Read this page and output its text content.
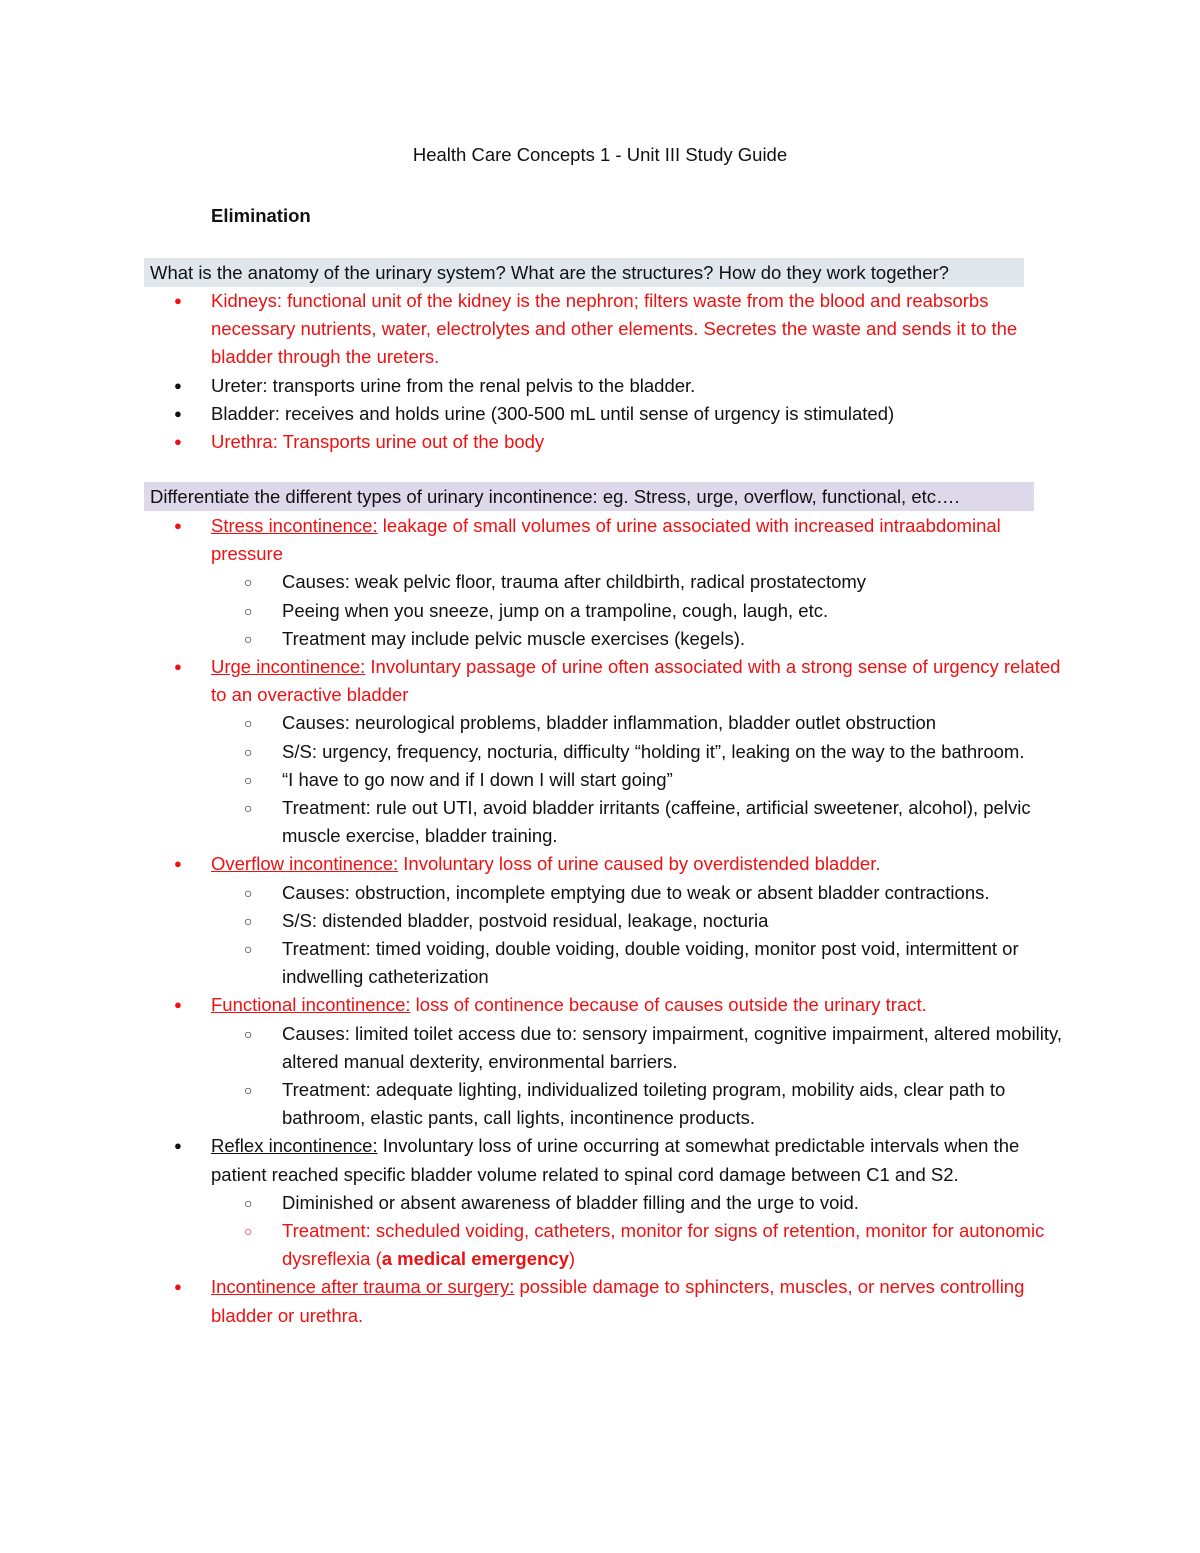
Health Care Concepts 1 - Unit III Study Guide
Elimination
What is the anatomy of the urinary system? What are the structures? How do they work together?
● Kidneys: functional unit of the kidney is the nephron; filters waste from the blood and reabsorbs necessary nutrients, water, electrolytes and other elements. Secretes the waste and sends it to the bladder through the ureters.
● Ureter: transports urine from the renal pelvis to the bladder.
● Bladder: receives and holds urine (300-500 mL until sense of urgency is stimulated)
● Urethra: Transports urine out of the body
Differentiate the different types of urinary incontinence: eg. Stress, urge, overflow, functional, etc….
● Stress incontinence: leakage of small volumes of urine associated with increased intraabdominal pressure
○ Causes: weak pelvic floor, trauma after childbirth, radical prostatectomy
○ Peeing when you sneeze, jump on a trampoline, cough, laugh, etc.
○ Treatment may include pelvic muscle exercises (kegels).
● Urge incontinence: Involuntary passage of urine often associated with a strong sense of urgency related to an overactive bladder
○ Causes: neurological problems, bladder inflammation, bladder outlet obstruction
○ S/S: urgency, frequency, nocturia, difficulty “holding it”, leaking on the way to the bathroom.
○ “I have to go now and if I down I will start going”
○ Treatment: rule out UTI, avoid bladder irritants (caffeine, artificial sweetener, alcohol), pelvic muscle exercise, bladder training.
● Overflow incontinence: Involuntary loss of urine caused by overdistended bladder.
○ Causes: obstruction, incomplete emptying due to weak or absent bladder contractions.
○ S/S: distended bladder, postvoid residual, leakage, nocturia
○ Treatment: timed voiding, double voiding, double voiding, monitor post void, intermittent or indwelling catheterization
● Functional incontinence: loss of continence because of causes outside the urinary tract.
○ Causes: limited toilet access due to: sensory impairment, cognitive impairment, altered mobility, altered manual dexterity, environmental barriers.
○ Treatment: adequate lighting, individualized toileting program, mobility aids, clear path to bathroom, elastic pants, call lights, incontinence products.
● Reflex incontinence: Involuntary loss of urine occurring at somewhat predictable intervals when the patient reached specific bladder volume related to spinal cord damage between C1 and S2.
○ Diminished or absent awareness of bladder filling and the urge to void.
○ Treatment: scheduled voiding, catheters, monitor for signs of retention, monitor for autonomic dysreflexia (a medical emergency)
● Incontinence after trauma or surgery: possible damage to sphincters, muscles, or nerves controlling bladder or urethra.
